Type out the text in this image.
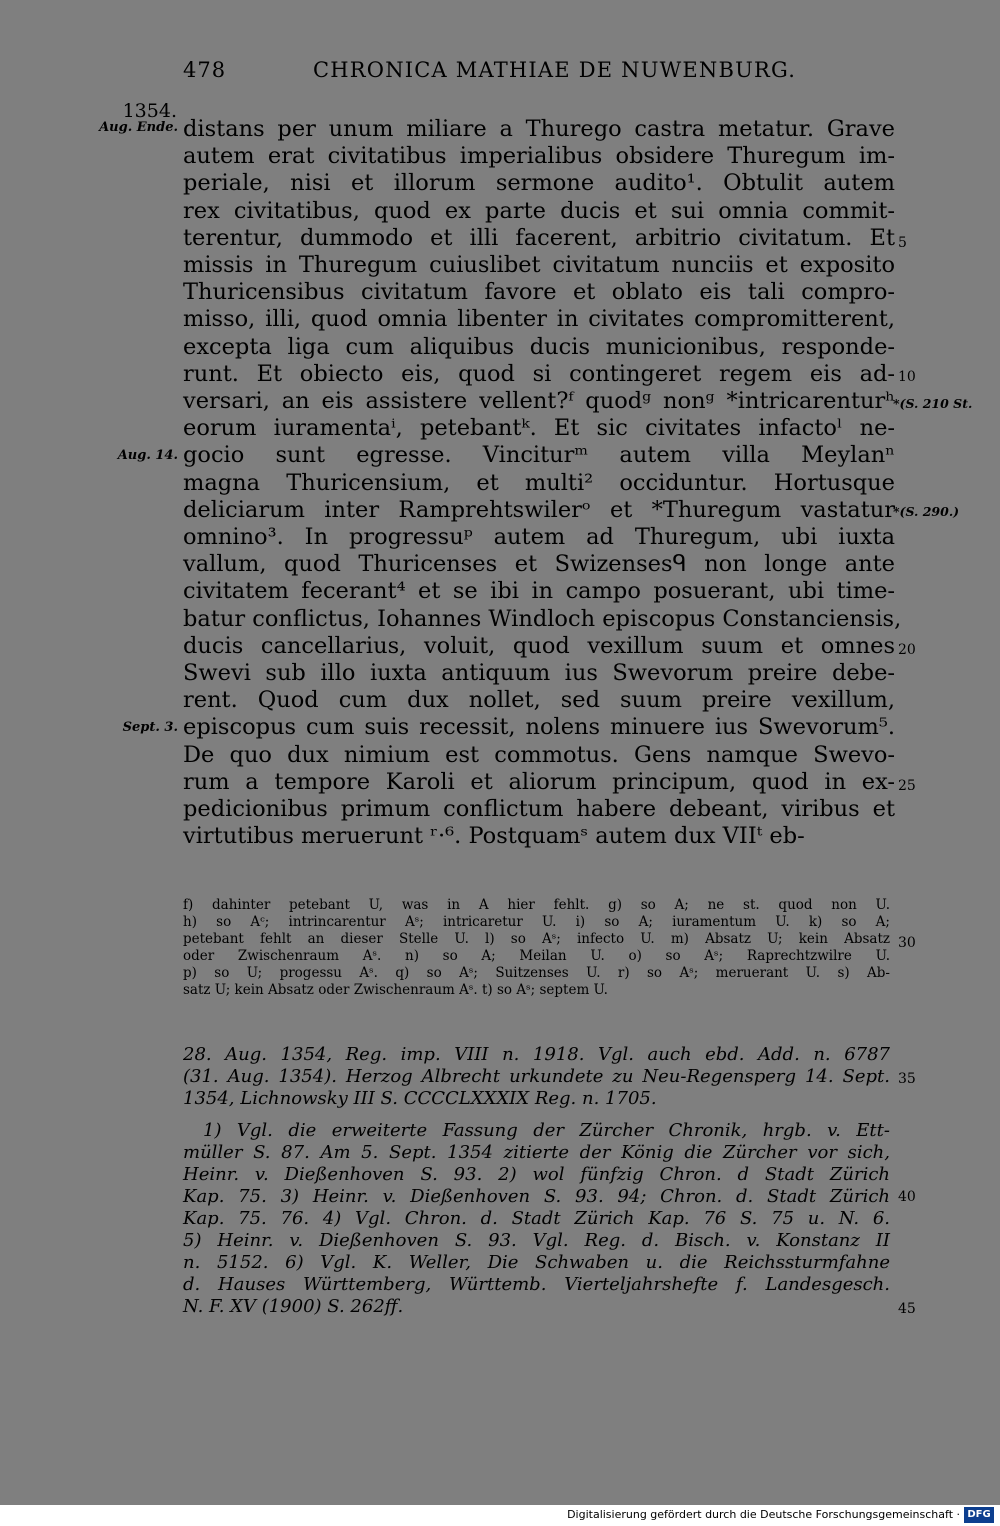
478	CHRONICA MATHIAE DE NUWENBURG.
1354.
Aug. Ende.
Aug. 14.
Sept. 3.
*(S. 210 St.
*(S. 290.)
5
10
20
25
30
35
40
45
distans per unum miliare a Thurego castra metatur. Grave
autem erat civitatibus imperialibus obsidere Thuregum im-
periale, nisi et illorum sermone audito¹. Obtulit autem
rex civitatibus, quod ex parte ducis et sui omnia commit-
terentur, dummodo et illi facerent, arbitrio civitatum. Et
missis in Thuregum cuiuslibet civitatum nunciis et exposito
Thuricensibus civitatum favore et oblato eis tali compro-
misso, illi, quod omnia libenter in civitates compromitterent,
excepta liga cum aliquibus ducis municionibus, responde-
runt. Et obiecto eis, quod si contingeret regem eis ad-
versari, an eis assistere vellent?ᶠ quodᵍ nonᵍ *intricarenturʰ
eorum iuramentaⁱ, petebantᵏ. Et sic civitates infactoˡ ne-
gocio sunt egresse. Vinciturᵐ autem villa Meylanⁿ
magna Thuricensium, et multi² occiduntur. Hortusque
deliciarum inter Ramprehtswilerᵒ et *Thuregum vastatur
omnino³. In progressuᵖ autem ad Thuregum, ubi iuxta
vallum, quod Thuricenses et Swizensesᑫ non longe ante
civitatem fecerant⁴ et se ibi in campo posuerant, ubi time-
batur conflictus, Iohannes Windloch episcopus Constanciensis,
ducis cancellarius, voluit, quod vexillum suum et omnes
Swevi sub illo iuxta antiquum ius Swevorum preire debe-
rent. Quod cum dux nollet, sed suum preire vexillum,
episcopus cum suis recessit, nolens minuere ius Swevorum⁵.
De quo dux nimium est commotus. Gens namque Swevo-
rum a tempore Karoli et aliorum principum, quod in ex-
pedicionibus primum conflictum habere debeant, viribus et
virtutibus meruerunt ʳ·⁶. Postquamˢ autem dux VIIᵗ eb-
f) dahinter petebant U, was in A hier fehlt. g) so A; ne st. quod non U.
h) so Aᶜ; intrincarentur Aˢ; intricaretur U. i) so A; iuramentum U. k) so A;
petebant fehlt an dieser Stelle U. l) so Aˢ; infecto U. m) Absatz U; kein Absatz
oder Zwischenraum Aˢ. n) so A; Meilan U. o) so Aˢ; Raprechtzwilre U.
p) so U; progessu Aˢ. q) so Aˢ; Suitzenses U. r) so Aˢ; meruerant U. s) Ab-
satz U; kein Absatz oder Zwischenraum Aˢ. t) so Aˢ; septem U.
28. Aug. 1354, Reg. imp. VIII n. 1918. Vgl. auch ebd. Add. n. 6787
(31. Aug. 1354). Herzog Albrecht urkundete zu Neu-Regensperg 14. Sept.
1354, Lichnowsky III S. CCCCLXXXIX Reg. n. 1705.
1) Vgl. die erweiterte Fassung der Zürcher Chronik, hrgb. v. Ett-
müller S. 87. Am 5. Sept. 1354 zitierte der König die Zürcher vor sich,
Heinr. v. Dießenhoven S. 93. 2) wol fünfzig Chron. d Stadt Zürich
Kap. 75. 3) Heinr. v. Dießenhoven S. 93. 94; Chron. d. Stadt Zürich
Kap. 75. 76. 4) Vgl. Chron. d. Stadt Zürich Kap. 76 S. 75 u. N. 6.
5) Heinr. v. Dießenhoven S. 93. Vgl. Reg. d. Bisch. v. Konstanz II
n. 5152. 6) Vgl. K. Weller, Die Schwaben u. die Reichssturmfahne
d. Hauses Württemberg, Württemb. Vierteljahrshefte f. Landesgesch.
N. F. XV (1900) S. 262ff.
Digitalisierung gefördert durch die Deutsche Forschungsgemeinschaft · DFG
